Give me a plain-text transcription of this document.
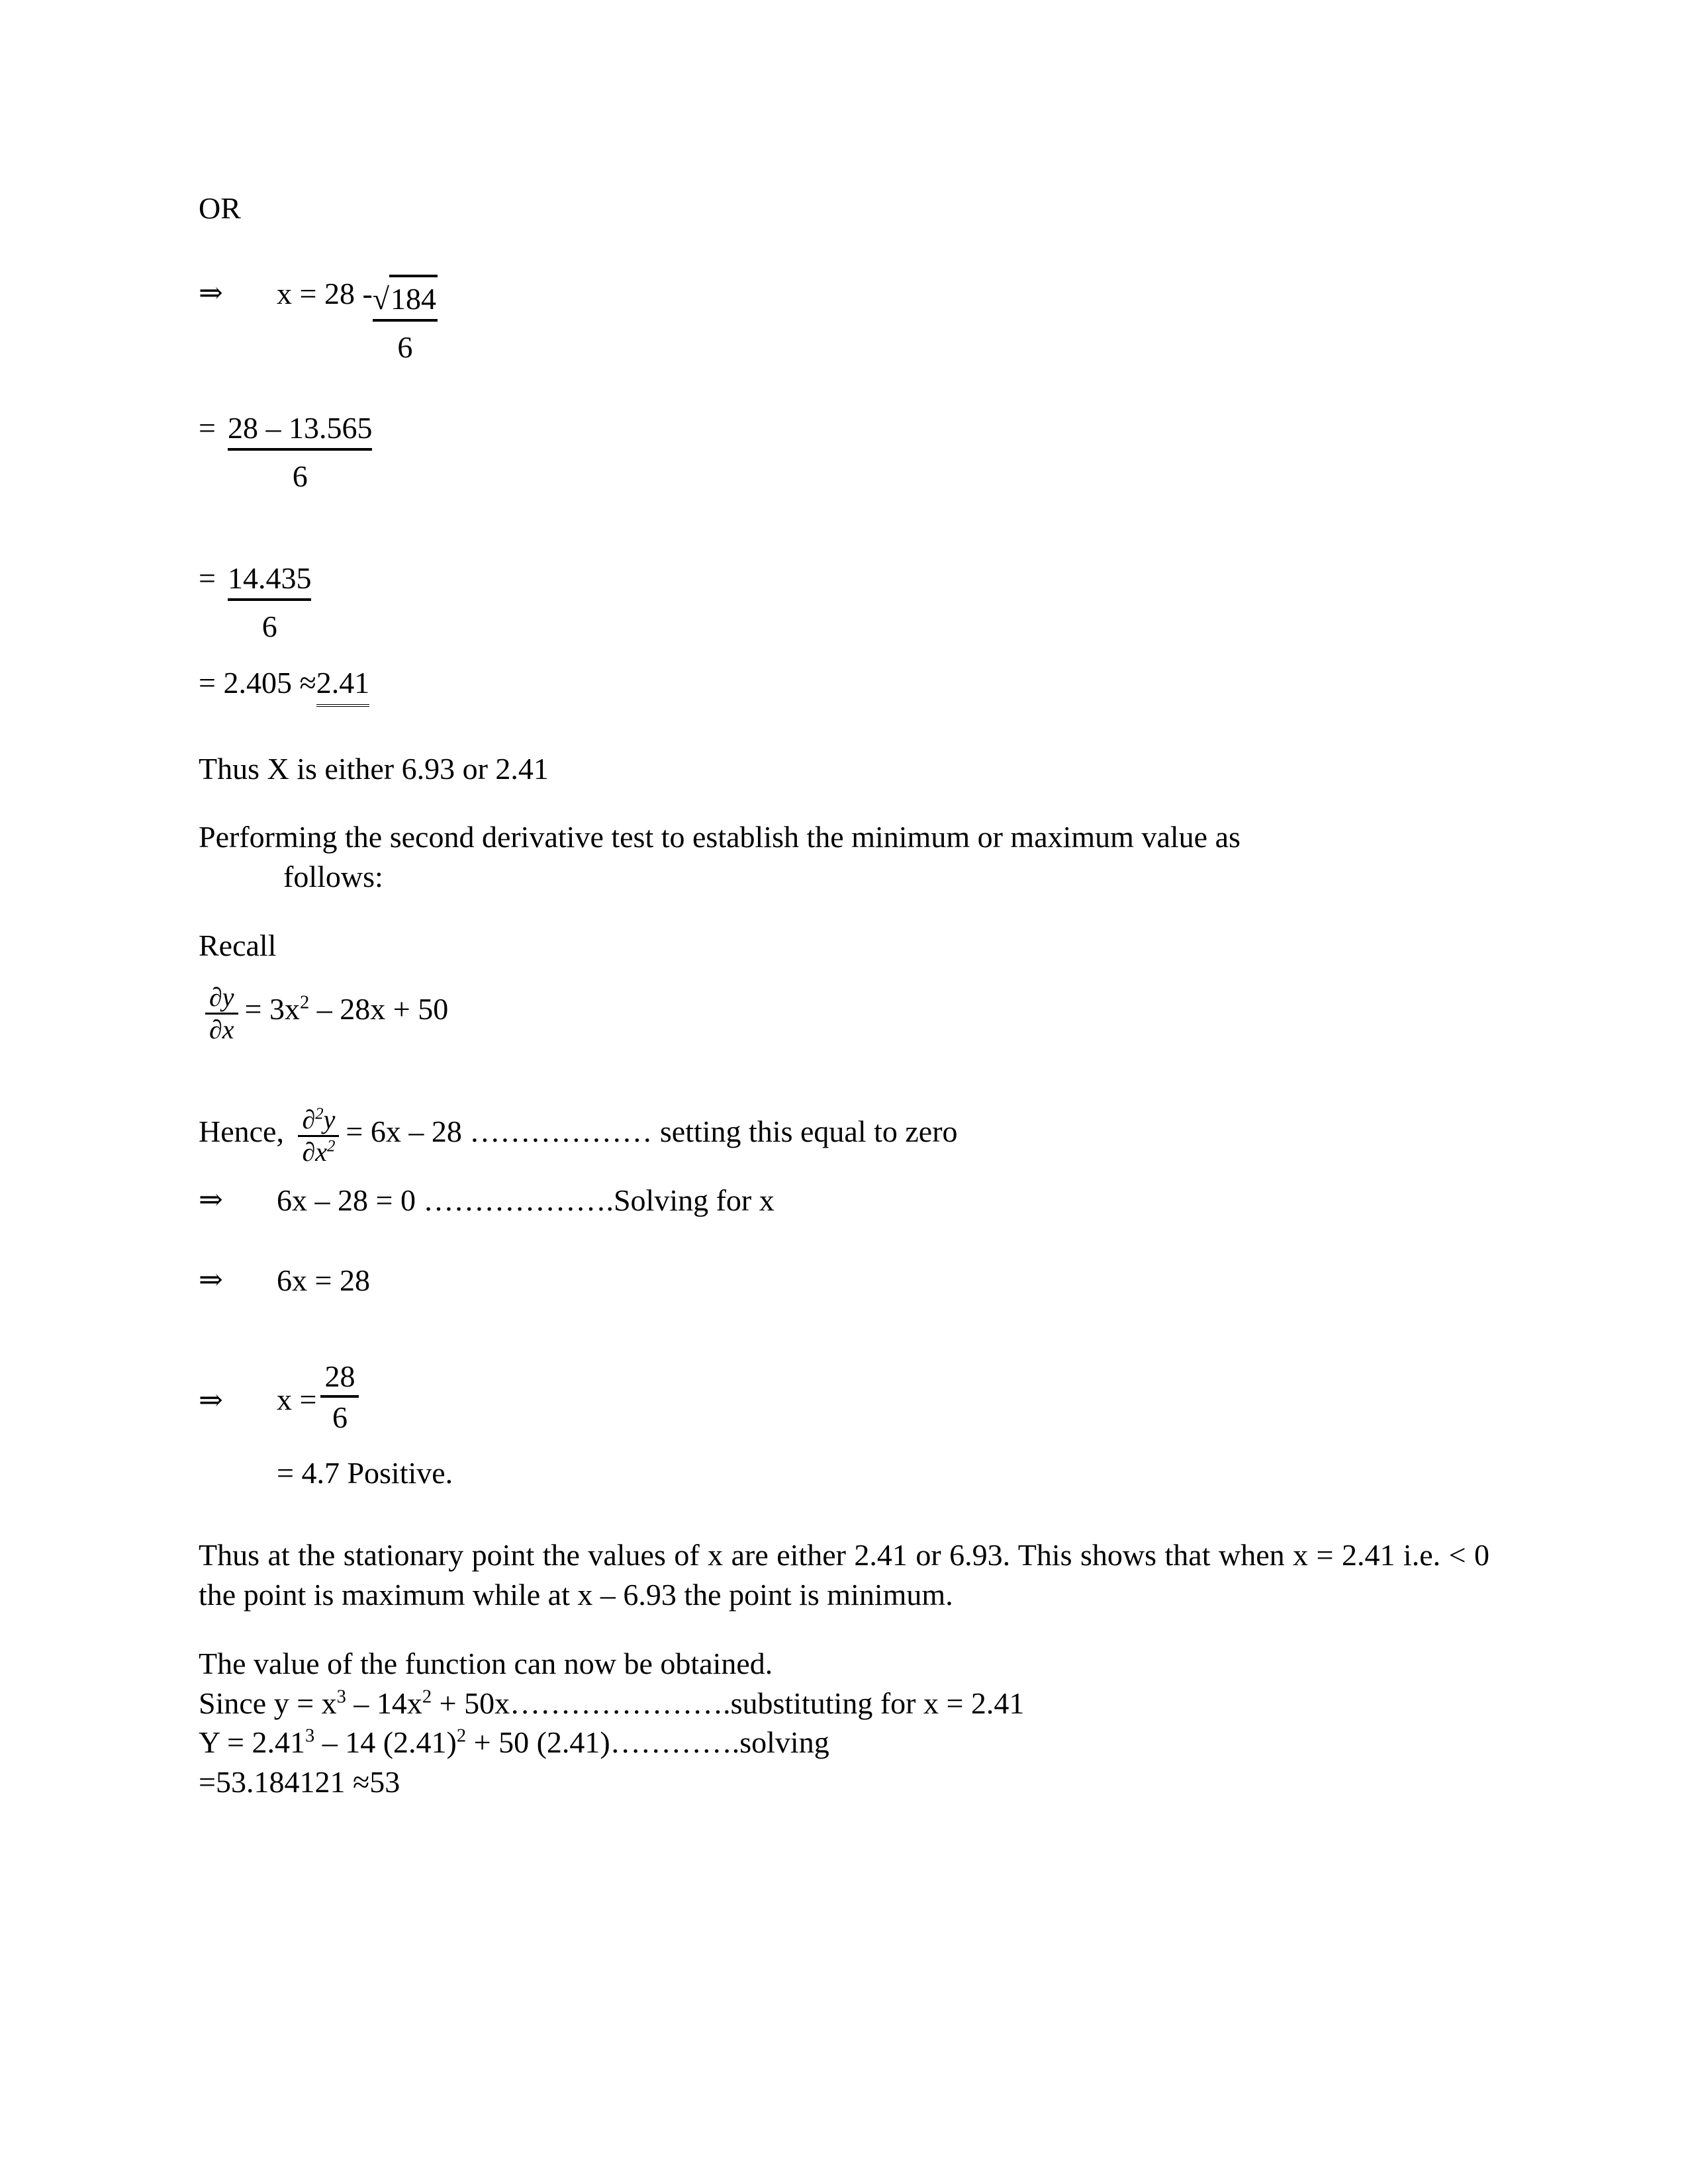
OR
⇒	$x = 28 - \frac{√184}{6}$
= $\frac{28 - 13.565}{6}$
= $\frac{14.435}{6}$
= 2.405 ≈2.41
Thus X is either 6.93 or 2.41
Performing the second derivative test to establish the minimum or maximum value as
follows:
Recall
$\frac{\partial y}{\partial x} = 3x^2 - 28x + 50$
Hence, $\frac{\partial^2y}{\partial x^2} = 6x - 28$ ……………… setting this equal to zero
⇒	6x – 28 = 0
………………. Solving for x
⇒	6x = 28
⇒	$x = \frac{28}{6}$
= 4.7 Positive.
Thus at the stationary point the values of x are either 2.41 or 6.93. This shows that when x = 2.41 i.e. < 0 the point is maximum while at x – 6.93 the point is minimum.
The value of the function can now be obtained.
Since $y = x^3 - 14x^2$ + 50x………………….substituting for x = 2.41
$Y = 2.41^3 - 14$ $(2.41)^2 + 50$ (2.41)………….solving
=53.184121 ≈53
